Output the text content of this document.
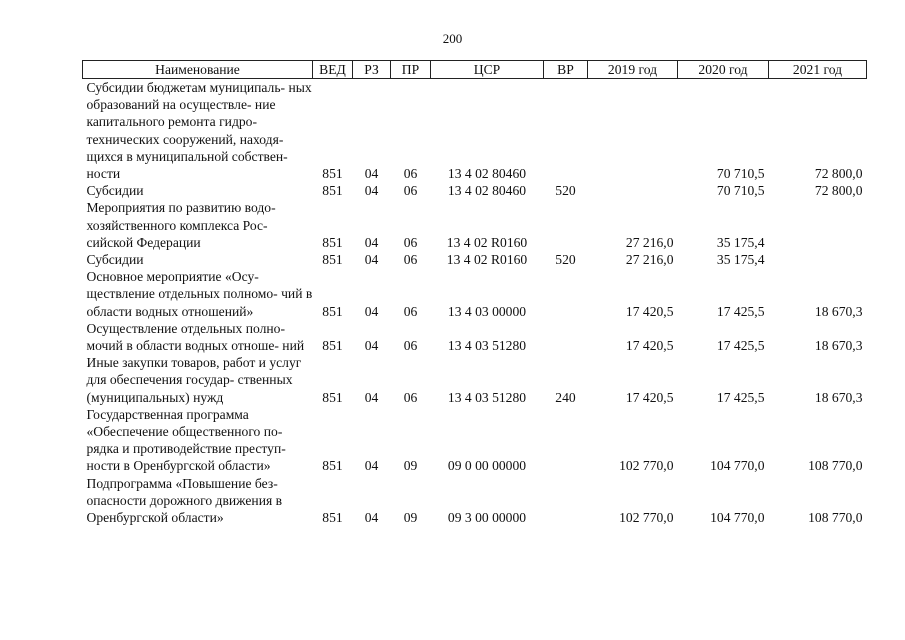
200
Наименование	ВЕД	РЗ	ПР	ЦСР	ВР	2019 год	2020 год	2021 год
Субсидии бюджетам муниципаль- ных образований на осуществле- ние капитального ремонта гидро- технических сооружений, находя- щихся в муниципальной собствен- ности	851	04	06	13 4 02 80460			70 710,5	72 800,0
Субсидии	851	04	06	13 4 02 80460	520		70 710,5	72 800,0
Мероприятия по развитию водо- хозяйственного комплекса Рос- сийской Федерации	851	04	06	13 4 02 R0160		27 216,0	35 175,4	
Субсидии	851	04	06	13 4 02 R0160	520	27 216,0	35 175,4	
Основное мероприятие «Осу- ществление отдельных полномо- чий в области водных отношений»	851	04	06	13 4 03 00000		17 420,5	17 425,5	18 670,3
Осуществление отдельных полно- мочий в области водных отноше- ний	851	04	06	13 4 03 51280		17 420,5	17 425,5	18 670,3
Иные закупки товаров, работ и услуг для обеспечения государ- ственных (муниципальных) нужд	851	04	06	13 4 03 51280	240	17 420,5	17 425,5	18 670,3
Государственная программа «Обеспечение общественного по- рядка и противодействие преступ- ности в Оренбургской области»	851	04	09	09 0 00 00000		102 770,0	104 770,0	108 770,0
Подпрограмма «Повышение без- опасности дорожного движения в Оренбургской области»	851	04	09	09 3 00 00000		102 770,0	104 770,0	108 770,0
